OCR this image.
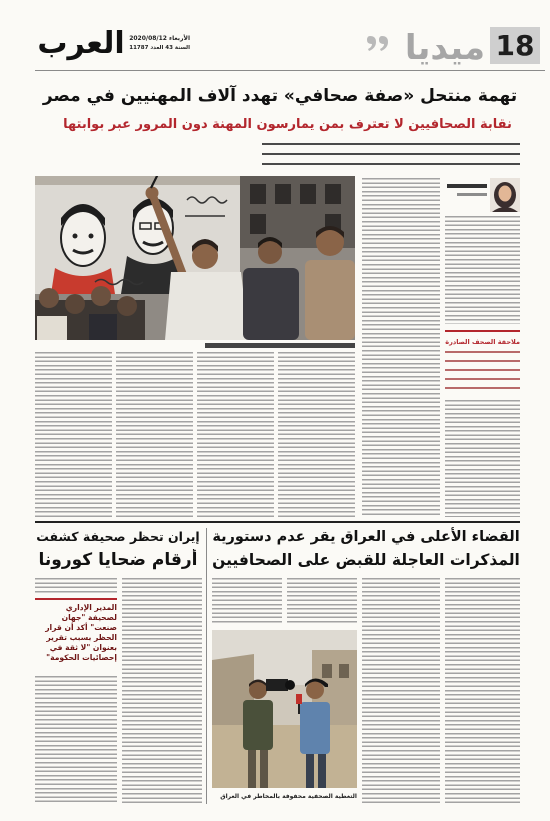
18
ميديا
العرب الأربعاء 2020/08/12
السنة 43 العدد 11787
تهمة منتحل «صفة صحافي» تهدد آلاف المهنيين في مصر
نقابة الصحافيين لا تعترف بمن يمارسون المهنة دون المرور عبر بوابتها
ملاحقة الصحف الصادرة
القضاء الأعلى في العراق يقر عدم دستورية
المذكرات العاجلة للقبض على الصحافيين
التغطية الصحفية محفوفة بالمخاطر في العراق
إيران تحظر صحيفة كشفت
أرقام ضحايا كورونا
المدير الإداري لصحيفة "جهان صنعت" أكد أن قرار الحظر بسبب تقرير بعنوان "لا ثقة في إحصائيات الحكومة"
